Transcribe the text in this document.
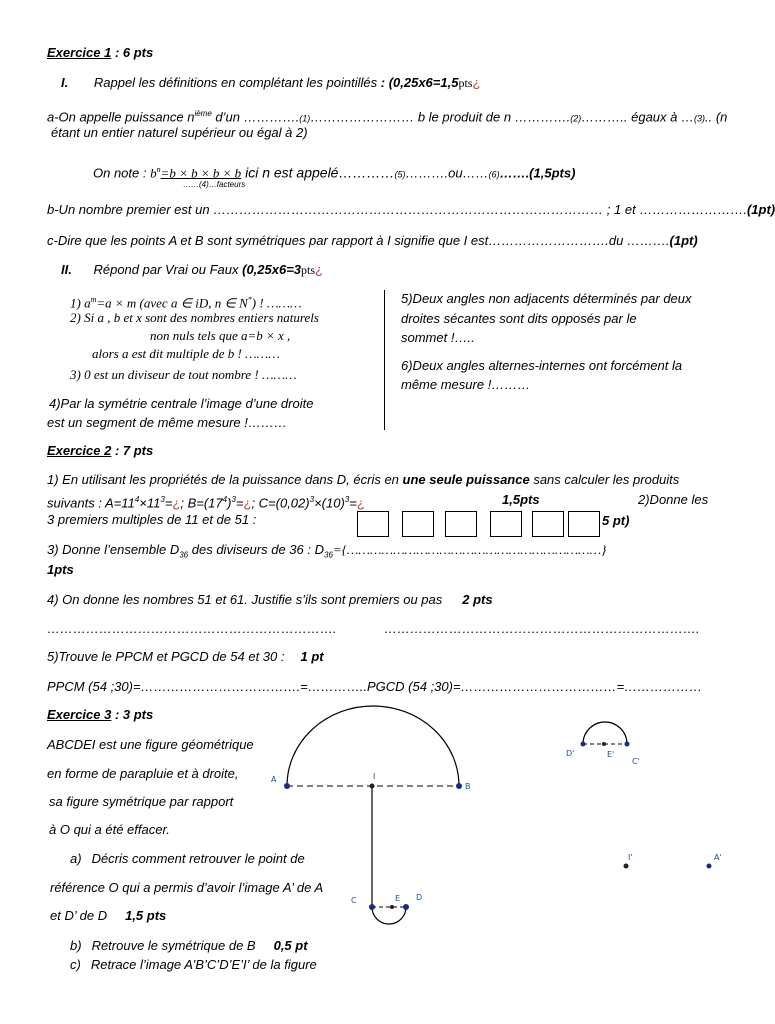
Exercice 1 : 6 pts
I. Rappel les définitions en complétant les pointillés : (0,25x6=1,5pts¿
a-On appelle puissance $n^{ième}$ d’un ………….(1)…………………… b le produit de n ………….(2)……….. égaux à …(3).. (n
étant un entier naturel supérieur ou égal à 2)
On note : $b^n=b \times b \times b \times b$ ici n est appelé…………(5)……….ou……(6)…….(1,5pts)
……(4)…facteurs
b-Un nombre premier est un ……………………………………………………………………………… ; 1 et …………………….(1pt)
c-Dire que les points A et B sont symétriques par rapport à I signifie que I est……………………….du ……….(1pt)
II. Répond par Vrai ou Faux (0,25x6=3pts¿
1) $a^m=a \times m$ (avec a ∈ iD, n ∈ N*) ! ………
2) Si a , b et x sont des nombres entiers naturels
non nuls tels que a=b × x ,
alors a est dit multiple de b ! ………
3) 0 est un diviseur de tout nombre ! ………
4)Par la symétrie centrale l’image d’une droite
est un segment de même mesure !………
5)Deux angles non adjacents déterminés par deux
droites sécantes sont dits opposés par le
sommet !…..
6)Deux angles alternes-internes ont forcément la
même mesure !………
Exercice 2 : 7 pts
1) En utilisant les propriétés de la puissance dans D, écris en une seule puissance sans calculer les produits
suivants : $A=11^4\times 11^3=¿$; $B=(17^4)^3=¿$; $C=(0,02)^3\times(10)^3=¿$	1,5pts	2)Donne les
3 premiers multiples de 11 et de 51 :	5 pt)
3) Donne l’ensemble $D_{36}$ des diviseurs de 36 : $D_{36}=\{\dots\dots\dots\dots\dots\dots\dots\dots\dots\dots\dots\dots\dots\dots\dots\dots\dots\dots\dots\dots\dots\dots\}$
1pts
4) On donne les nombres 51 et 61. Justifie s’ils sont premiers ou pas 2 pts
………………………………………………………….	……………………………………………………………….
5)Trouve le PPCM et PGCD de 54 et 30 : 1 pt
PPCM (54 ;30)=……………………………….=………….. PGCD (54 ;30)=………………………………=………………
Exercice 3 : 3 pts
ABCDEI est une figure géométrique
en forme de parapluie et à droite,
sa figure symétrique par rapport
à O qui a été effacer.
a) Décris comment retrouver le point de
référence O qui a permis d’avoir l’image A’ de A
et D’ de D 1,5 pts
b) Retrouve le symétrique de B 0,5 pt
c) Retrace l’image A’B’C’D’E’I’ de la figure
A
B
I
C	D
E
D'	E'
C'
I'	A'
